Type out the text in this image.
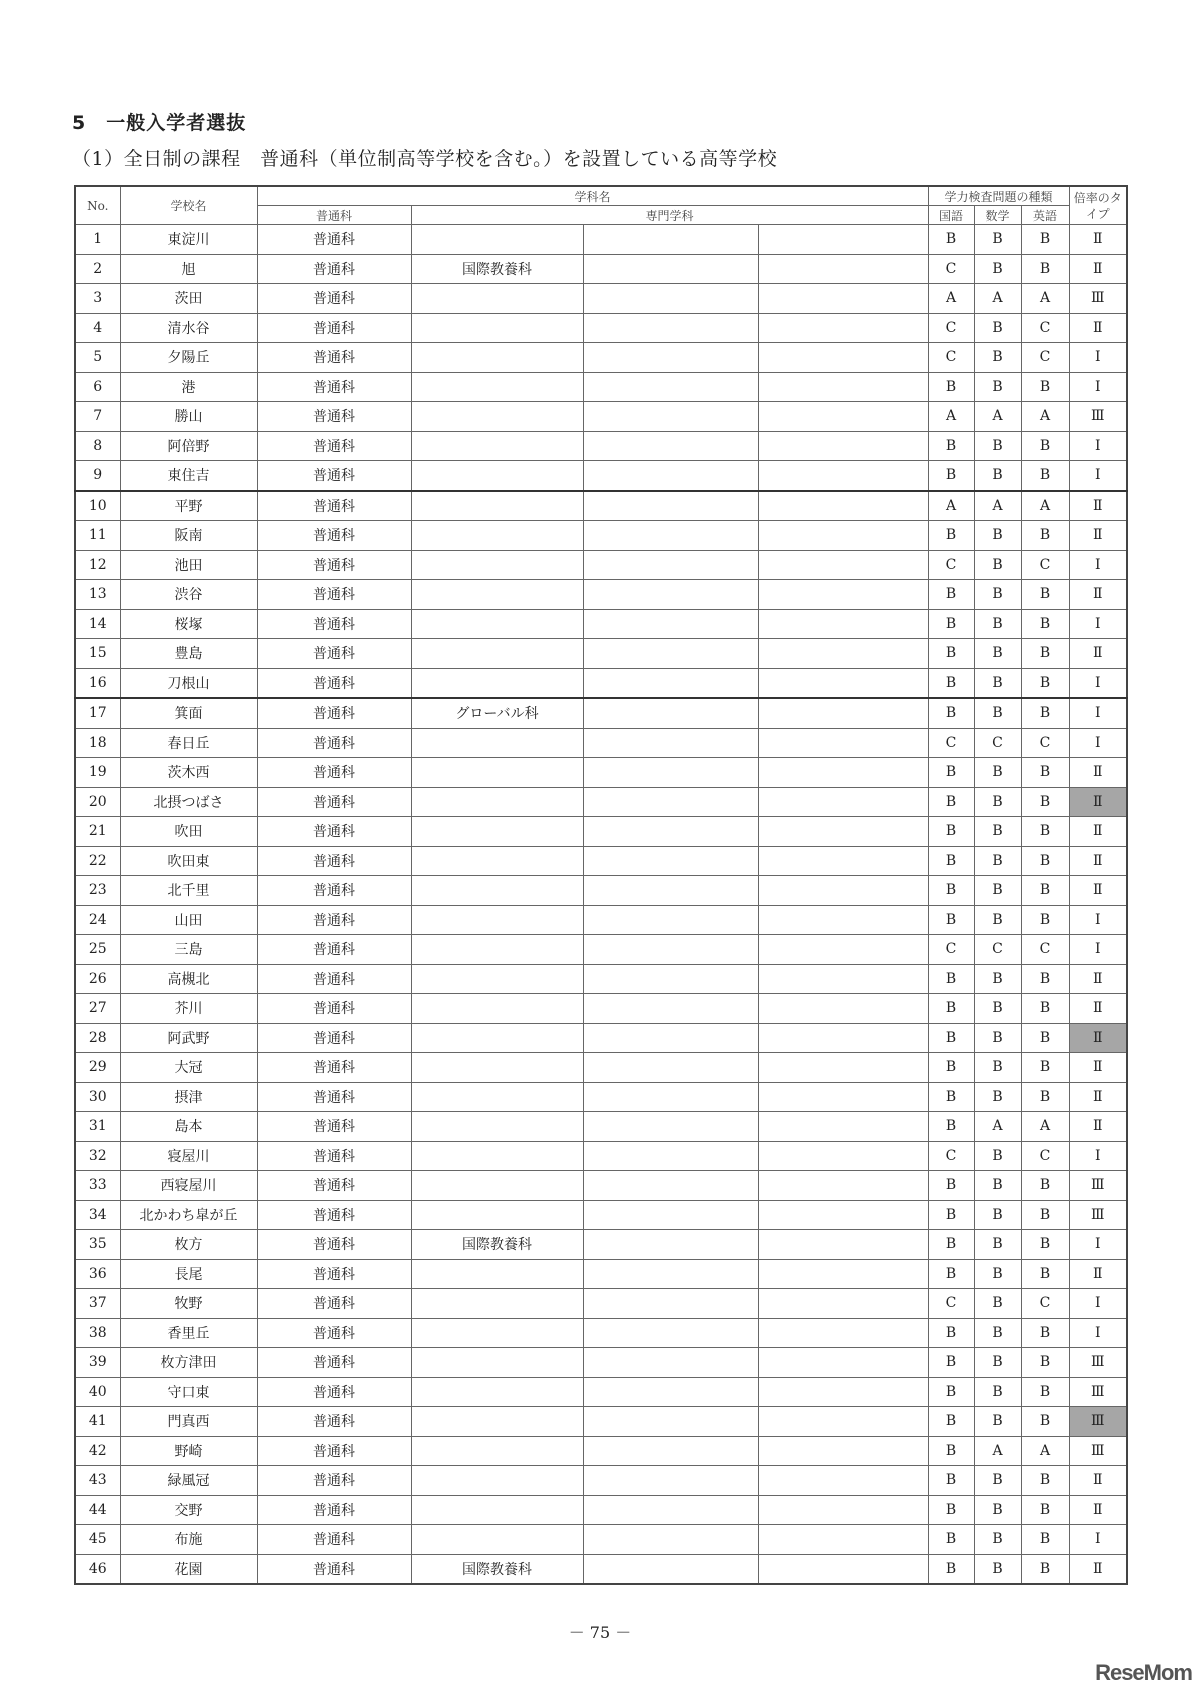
5　一般入学者選抜
（1）全日制の課程　普通科（単位制高等学校を含む。）を設置している高等学校
No.	学校名	学科名				学力検査問題の種類			倍率のタイプ
		普通科	専門学科			国語	数学	英語	
1	東淀川	普通科				B	B	B	Ⅱ
2	旭	普通科	国際教養科			C	B	B	Ⅱ
3	茨田	普通科				A	A	A	Ⅲ
4	清水谷	普通科				C	B	C	Ⅱ
5	夕陽丘	普通科				C	B	C	Ⅰ
6	港	普通科				B	B	B	Ⅰ
7	勝山	普通科				A	A	A	Ⅲ
8	阿倍野	普通科				B	B	B	Ⅰ
9	東住吉	普通科				B	B	B	Ⅰ
10	平野	普通科				A	A	A	Ⅱ
11	阪南	普通科				B	B	B	Ⅱ
12	池田	普通科				C	B	C	Ⅰ
13	渋谷	普通科				B	B	B	Ⅱ
14	桜塚	普通科				B	B	B	Ⅰ
15	豊島	普通科				B	B	B	Ⅱ
16	刀根山	普通科				B	B	B	Ⅰ
17	箕面	普通科	グローバル科			B	B	B	Ⅰ
18	春日丘	普通科				C	C	C	Ⅰ
19	茨木西	普通科				B	B	B	Ⅱ
20	北摂つばさ	普通科				B	B	B	Ⅱ
21	吹田	普通科				B	B	B	Ⅱ
22	吹田東	普通科				B	B	B	Ⅱ
23	北千里	普通科				B	B	B	Ⅱ
24	山田	普通科				B	B	B	Ⅰ
25	三島	普通科				C	C	C	Ⅰ
26	高槻北	普通科				B	B	B	Ⅱ
27	芥川	普通科				B	B	B	Ⅱ
28	阿武野	普通科				B	B	B	Ⅱ
29	大冠	普通科				B	B	B	Ⅱ
30	摂津	普通科				B	B	B	Ⅱ
31	島本	普通科				B	A	A	Ⅱ
32	寝屋川	普通科				C	B	C	Ⅰ
33	西寝屋川	普通科				B	B	B	Ⅲ
34	北かわち皐が丘	普通科				B	B	B	Ⅲ
35	枚方	普通科	国際教養科			B	B	B	Ⅰ
36	長尾	普通科				B	B	B	Ⅱ
37	牧野	普通科				C	B	C	Ⅰ
38	香里丘	普通科				B	B	B	Ⅰ
39	枚方津田	普通科				B	B	B	Ⅲ
40	守口東	普通科				B	B	B	Ⅲ
41	門真西	普通科				B	B	B	Ⅲ
42	野崎	普通科				B	A	A	Ⅲ
43	緑風冠	普通科				B	B	B	Ⅱ
44	交野	普通科				B	B	B	Ⅱ
45	布施	普通科				B	B	B	Ⅰ
46	花園	普通科	国際教養科			B	B	B	Ⅱ
－ 75 －
ReseMom
